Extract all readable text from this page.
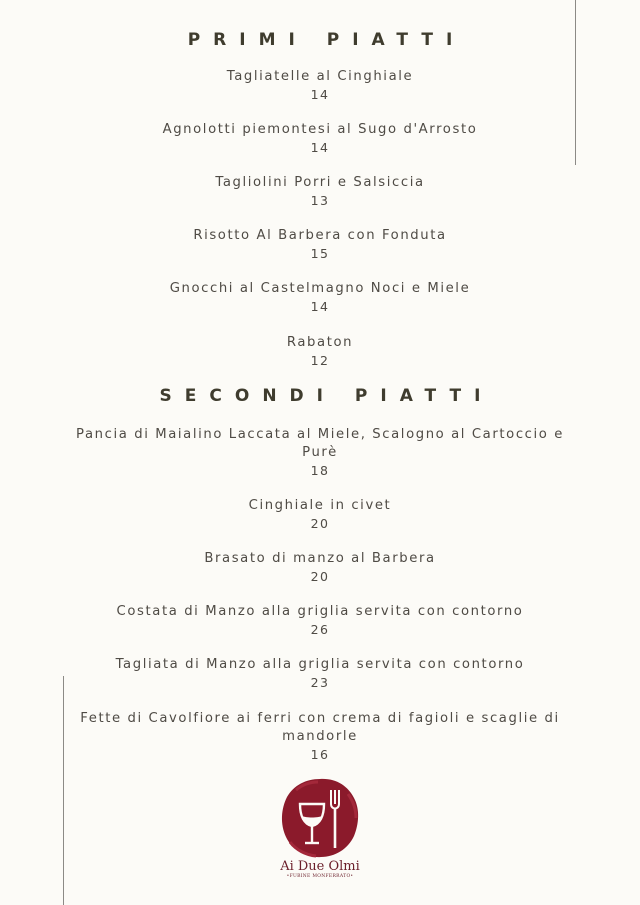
PRIMI PIATTI
Tagliatelle al Cinghiale
14
Agnolotti piemontesi al Sugo d'Arrosto
14
Tagliolini Porri e Salsiccia
13
Risotto Al Barbera con Fonduta
15
Gnocchi al Castelmagno Noci e Miele
14
Rabaton
12
SECONDI PIATTI
Pancia di Maialino Laccata al Miele, Scalogno al Cartoccio e Purè
18
Cinghiale in civet
20
Brasato di manzo al Barbera
20
Costata di Manzo alla griglia servita con contorno
26
Tagliata di Manzo alla griglia servita con contorno
23
Fette di Cavolfiore ai ferri con crema di fagioli e scaglie di mandorle
16
Ai Due Olmi
•FUBINE MONFERRATO•
